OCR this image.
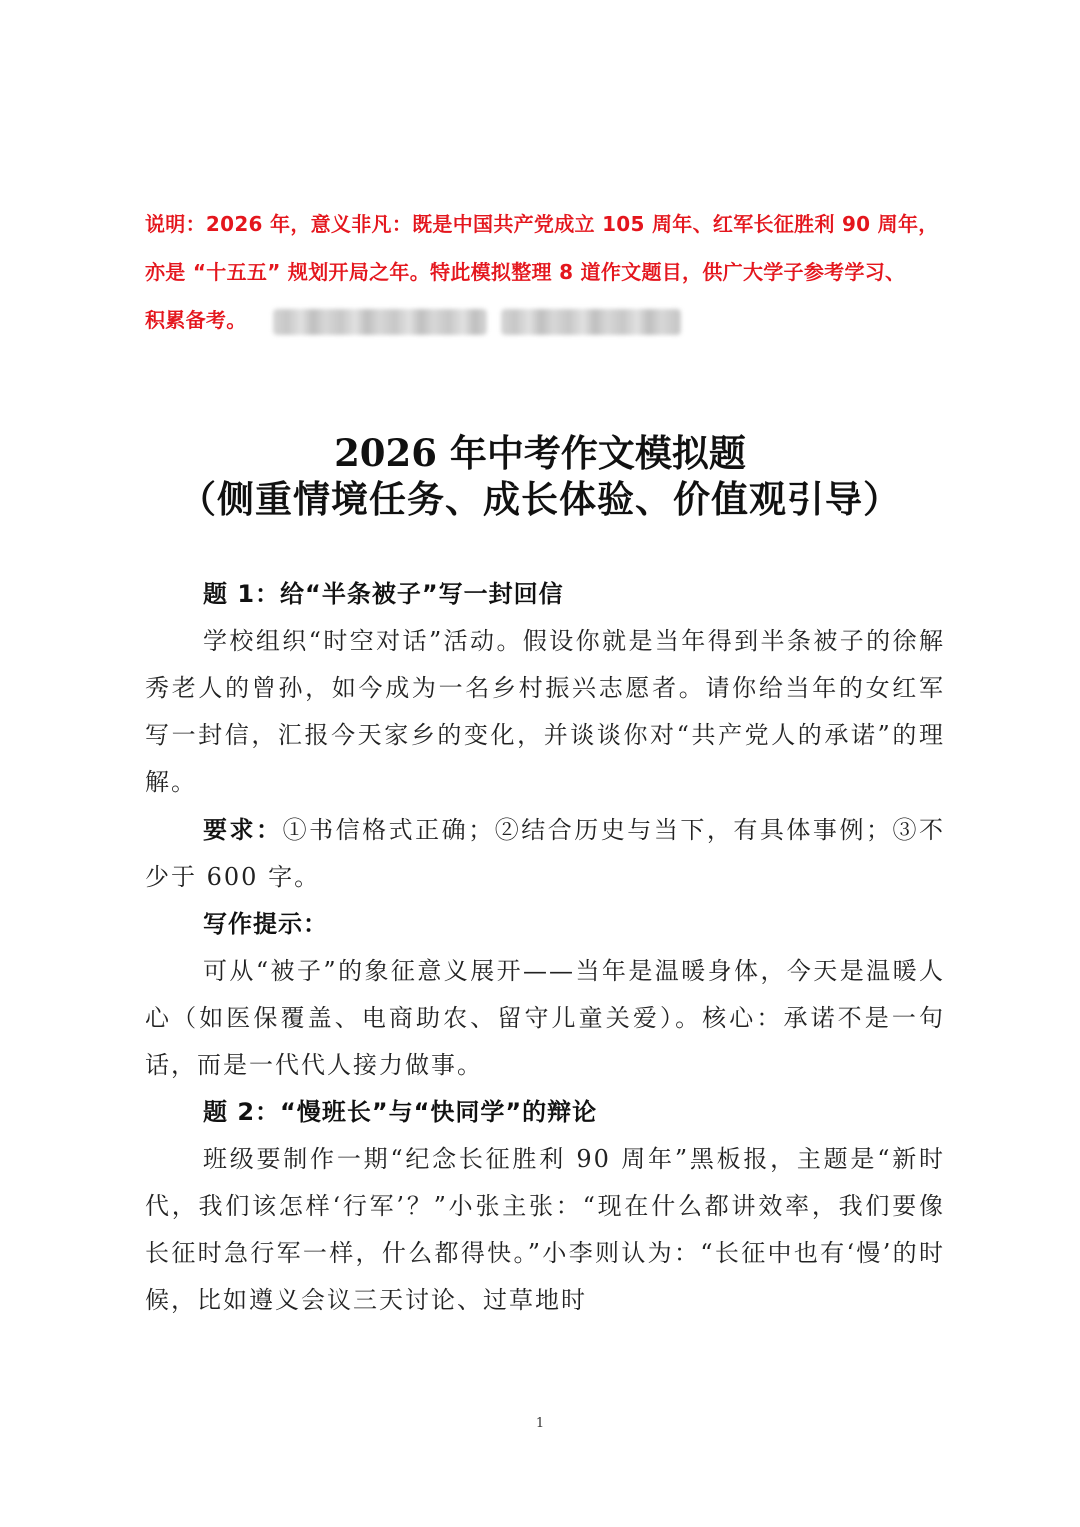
说明：2026 年，意义非凡：既是中国共产党成立 105 周年、红军长征胜利 90 周年，
亦是 “十五五” 规划开局之年。特此模拟整理 8 道作文题目，供广大学子参考学习、
积累备考。
2026 年中考作文模拟题
（侧重情境任务、成长体验、价值观引导）

题 1：给“半条被子”写一封回信

学校组织“时空对话”活动。假设你就是当年得到半条被子的徐解秀老人的曾孙，如今成为一名乡村振兴志愿者。请你给当年的女红军写一封信，汇报今天家乡的变化，并谈谈你对“共产党人的承诺”的理解。

要求：①书信格式正确；②结合历史与当下，有具体事例；③不少于 600 字。

写作提示：

可从“被子”的象征意义展开——当年是温暖身体，今天是温暖人心（如医保覆盖、电商助农、留守儿童关爱）。核心：承诺不是一句话，而是一代代人接力做事。

题 2：“慢班长”与“快同学”的辩论

班级要制作一期“纪念长征胜利 90 周年”黑板报，主题是“新时代，我们该怎样‘行军’？”小张主张：“现在什么都讲效率，我们要像长征时急行军一样，什么都得快。”小李则认为：“长征中也有‘慢’的时候，比如遵义会议三天讨论、过草地时

1
